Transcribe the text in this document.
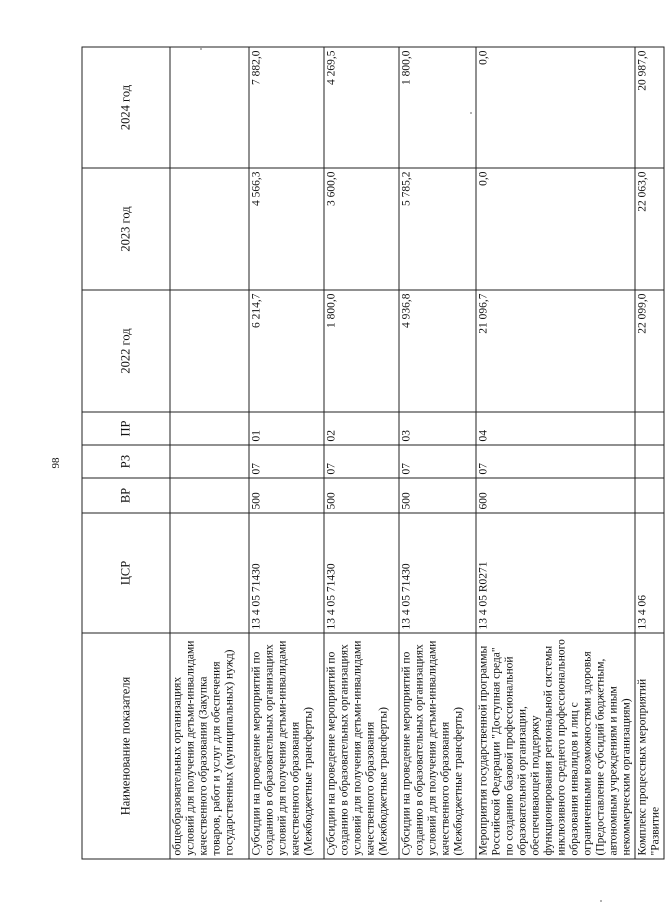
98
Наименование показателя	ЦСР	ВР	РЗ	ПР	2022 год	2023 год	2024 год
общеобразовательных организациях условий для получения детьми-инвалидами качественного образования (Закупка товаров, работ и услуг для обеспечения государственных (муниципальных) нужд)							
Субсидии на проведение мероприятий по созданию в образовательных организациях условий для получения детьми-инвалидами качественного образования (Межбюджетные трансферты)	13 4 05 71430	500	07	01	6 214,7	4 566,3	7 882,0
Субсидии на проведение мероприятий по созданию в образовательных организациях условий для получения детьми-инвалидами качественного образования (Межбюджетные трансферты)	13 4 05 71430	500	07	02	1 800,0	3 600,0	4 269,5
Субсидии на проведение мероприятий по созданию в образовательных организациях условий для получения детьми-инвалидами качественного образования (Межбюджетные трансферты)	13 4 05 71430	500	07	03	4 936,8	5 785,2	1 800,0
Мероприятия государственной программы Российской Федерации "Доступная среда" по созданию базовой профессиональной образовательной организации, обеспечивающей поддержку функционирования региональной системы инклюзивного среднего профессионального образования инвалидов и лиц с ограниченными возможностями здоровья (Предоставление субсидий бюджетным, автономным учреждениям и иным некоммерческим организациям)	13 4 05 R0271	600	07	04	21 096,7	0,0	0,0
Комплекс процессных мероприятий "Развитие	13 4 06				22 099,0	22 063,0	20 987,0
